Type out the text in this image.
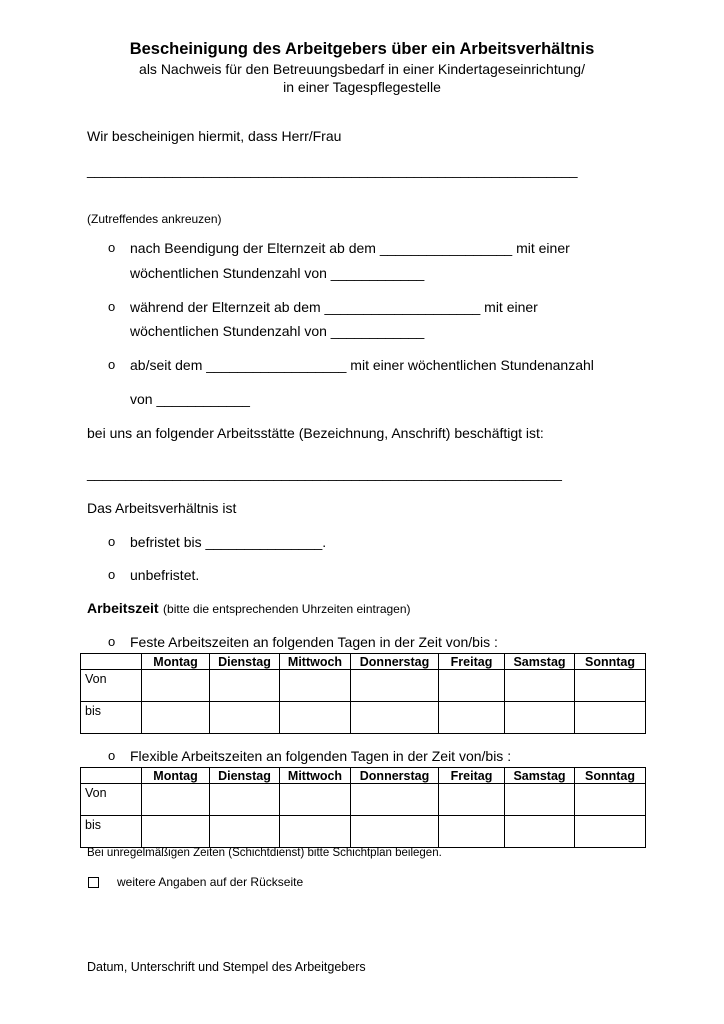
Bescheinigung des Arbeitgebers über ein Arbeitsverhältnis
als Nachweis für den Betreuungsbedarf in einer Kindertageseinrichtung/
in einer Tagespflegestelle
Wir bescheinigen hiermit, dass Herr/Frau
_______________________________________________________________
(Zutreffendes ankreuzen)
o nach Beendigung der Elternzeit ab dem _________________ mit einer
wöchentlichen Stundenzahl von ____________
o während der Elternzeit ab dem ____________________ mit einer
wöchentlichen Stundenzahl von ____________
o ab/seit dem __________________ mit einer wöchentlichen Stundenanzahl
von ____________
bei uns an folgender Arbeitsstätte (Bezeichnung, Anschrift) beschäftigt ist:
_____________________________________________________________
Das Arbeitsverhältnis ist
o befristet bis _______________.
o unbefristet.
Arbeitszeit (bitte die entsprechenden Uhrzeiten eintragen)
o Feste Arbeitszeiten an folgenden Tagen in der Zeit von/bis :
	Montag	Dienstag	Mittwoch	Donnerstag	Freitag	Samstag	Sonntag
Von							
bis							
o Flexible Arbeitszeiten an folgenden Tagen in der Zeit von/bis :
	Montag	Dienstag	Mittwoch	Donnerstag	Freitag	Samstag	Sonntag
Von							
bis							
Bei unregelmäßigen Zeiten (Schichtdienst) bitte Schichtplan beilegen.
weitere Angaben auf der Rückseite
Datum, Unterschrift und Stempel des Arbeitgebers
